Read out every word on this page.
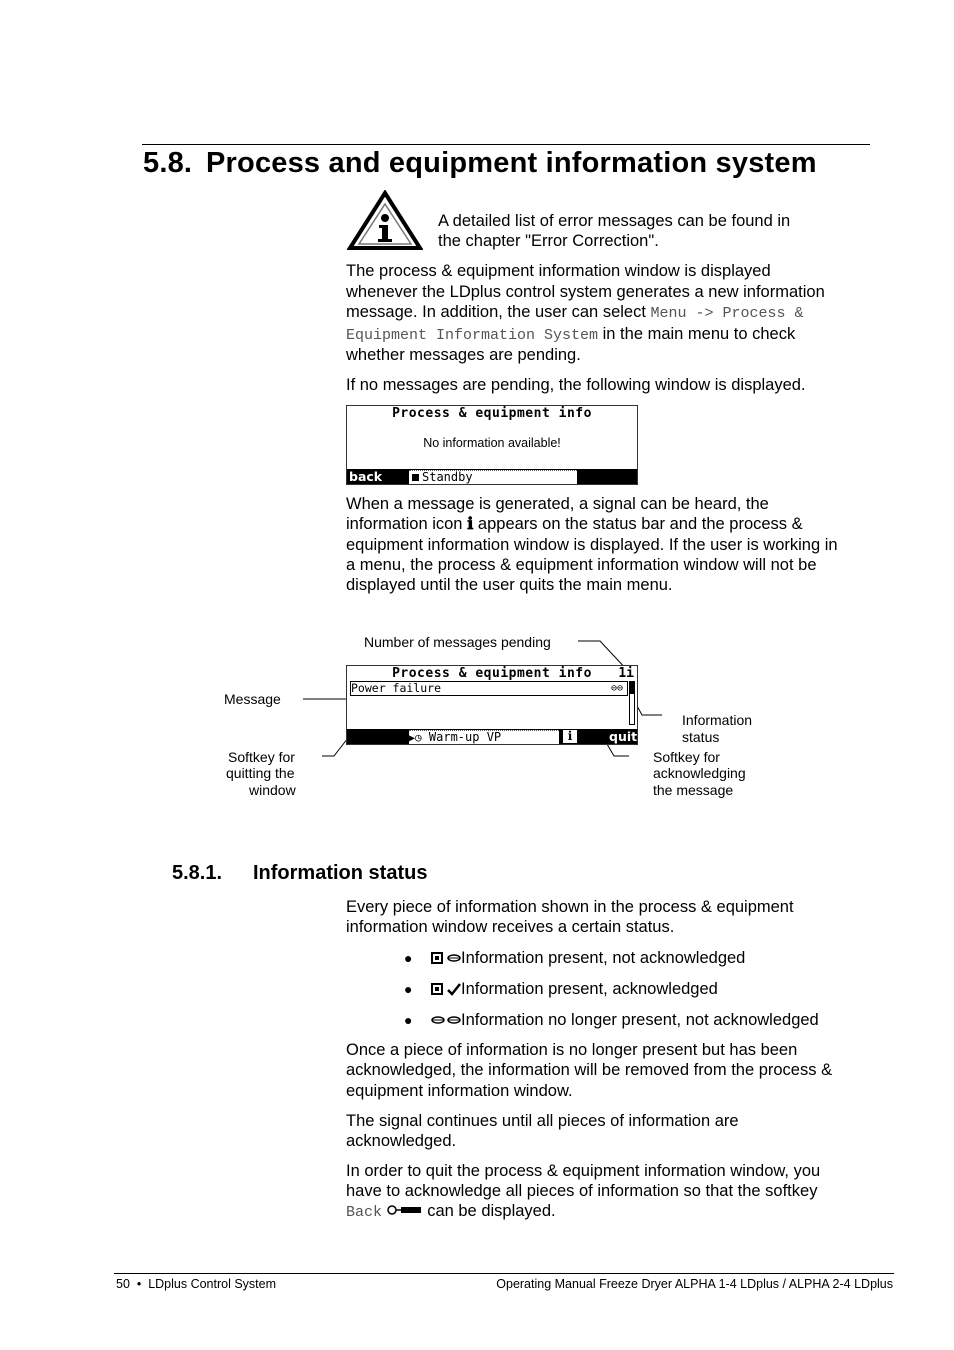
5.8. Process and equipment information system
A detailed list of error messages can be found in
the chapter "Error Correction".
The process & equipment information window is displayed
whenever the LDplus control system generates a new information
message. In addition, the user can select Menu -> Process &
Equipment Information System in the main menu to check
whether messages are pending.
If no messages are pending, the following window is displayed.
Process & equipment info
No information available!
back	Standby
When a message is generated, a signal can be heard, the
information icon ℹ appears on the status bar and the process &
equipment information window is displayed. If the user is working in
a menu, the process & equipment information window will not be
displayed until the user quits the main menu.
Number of messages pending
Message
Information
status
Softkey for
quitting the
window
Softkey for
acknowledging
the message
Process & equipment info	1i
Power failure	⊖⊖
▶◷ Warm-up VP	i	quit
5.8.1. Information status
Every piece of information shown in the process & equipment
information window receives a certain status.
●	Information present, not acknowledged
●	Information present, acknowledged
●	Information no longer present, not acknowledged
Once a piece of information is no longer present but has been
acknowledged, the information will be removed from the process &
equipment information window.
The signal continues until all pieces of information are
acknowledged.
In order to quit the process & equipment information window, you
have to acknowledge all pieces of information so that the softkey
Back  can be displayed.
50  •  LDplus Control System	Operating Manual Freeze Dryer ALPHA 1-4 LDplus / ALPHA 2-4 LDplus
